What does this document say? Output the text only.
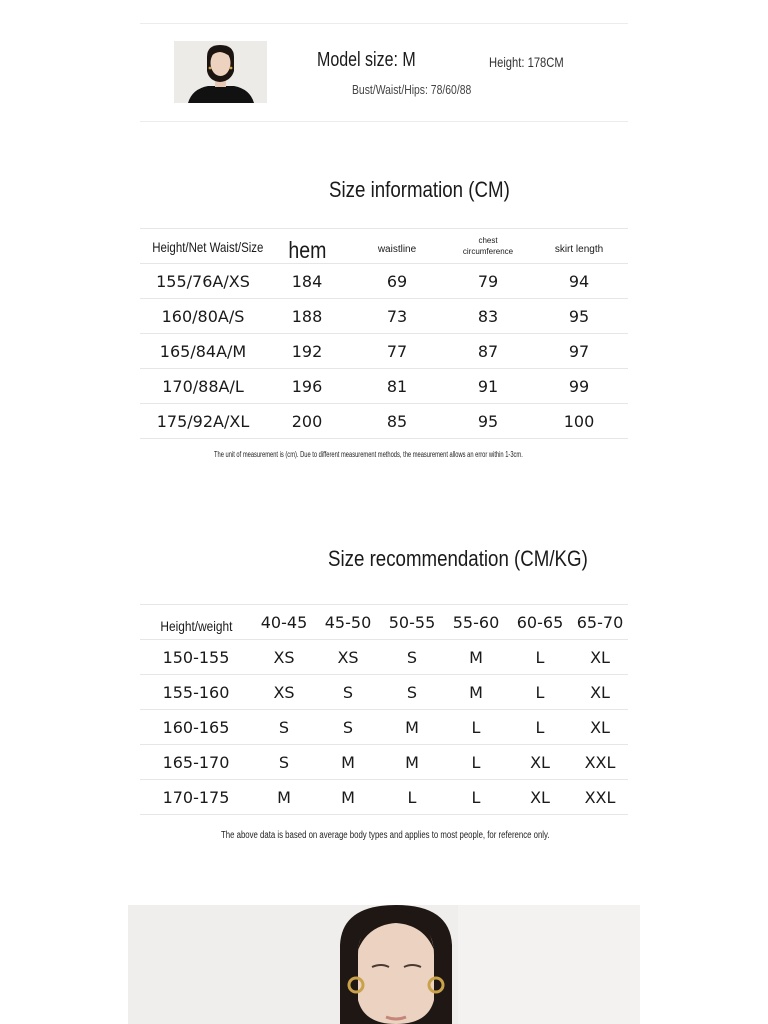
Model size: M	Height: 178CM
Bust/Waist/Hips: 78/60/88
Size information (CM)
Height/Net Waist/Size	hem	waistline	chest circumference	skirt length
155/76A/XS	184	69	79	94
160/80A/S	188	73	83	95
165/84A/M	192	77	87	97
170/88A/L	196	81	91	99
175/92A/XL	200	85	95	100
The unit of measurement is (cm). Due to different measurement methods, the measurement allows an error within 1-3cm.
Size recommendation (CM/KG)
Height/weight	40-45	45-50	50-55	55-60	60-65	65-70
150-155	XS	XS	S	M	L	XL
155-160	XS	S	S	M	L	XL
160-165	S	S	M	L	L	XL
165-170	S	M	M	L	XL	XXL
170-175	M	M	L	L	XL	XXL
The above data is based on average body types and applies to most people, for reference only.
